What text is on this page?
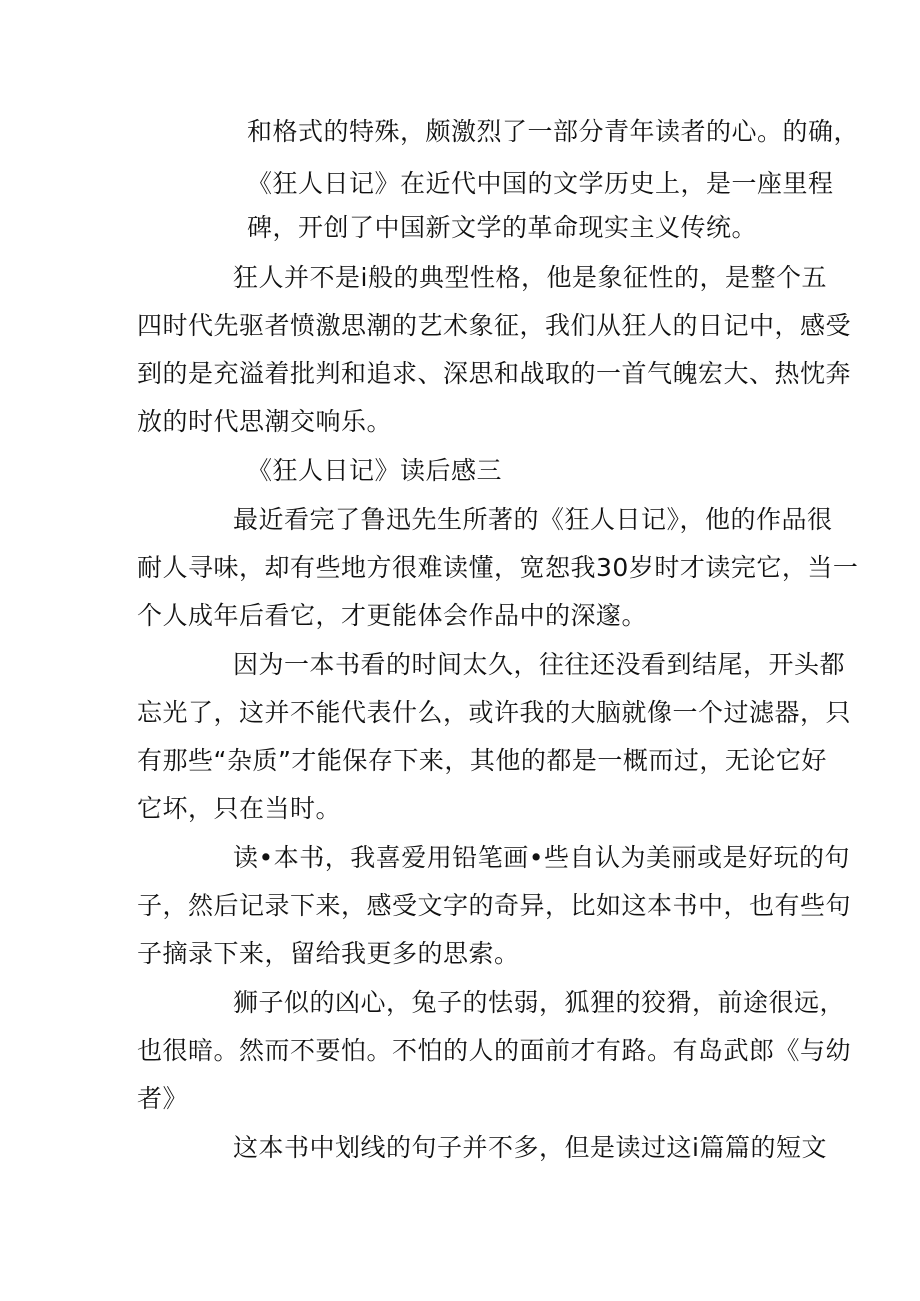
和格式的特殊，颇激烈了一部分青年读者的心。的确，
《狂人日记》在近代中国的文学历史上，是一座里程
碑，开创了中国新文学的革命现实主义传统。
狂人并不是i般的典型性格，他是象征性的，是整个五
四时代先驱者愤激思潮的艺术象征，我们从狂人的日记中，感受
到的是充溢着批判和追求、深思和战取的一首气魄宏大、热忱奔
放的时代思潮交响乐。
《狂人日记》读后感三
最近看完了鲁迅先生所著的《狂人日记》，他的作品很
耐人寻味，却有些地方很难读懂，宽恕我30岁时才读完它，当一
个人成年后看它，才更能体会作品中的深邃。
因为一本书看的时间太久，往往还没看到结尾，开头都
忘光了，这并不能代表什么，或许我的大脑就像一个过滤器，只
有那些“杂质”才能保存下来，其他的都是一概而过，无论它好
它坏，只在当时。
读•本书，我喜爱用铅笔画•些自认为美丽或是好玩的句
子，然后记录下来，感受文字的奇异，比如这本书中，也有些句
子摘录下来，留给我更多的思索。
狮子似的凶心，兔子的怯弱，狐狸的狡猾，前途很远，
也很暗。然而不要怕。不怕的人的面前才有路。有岛武郎《与幼
者》
这本书中划线的句子并不多，但是读过这i篇篇的短文
